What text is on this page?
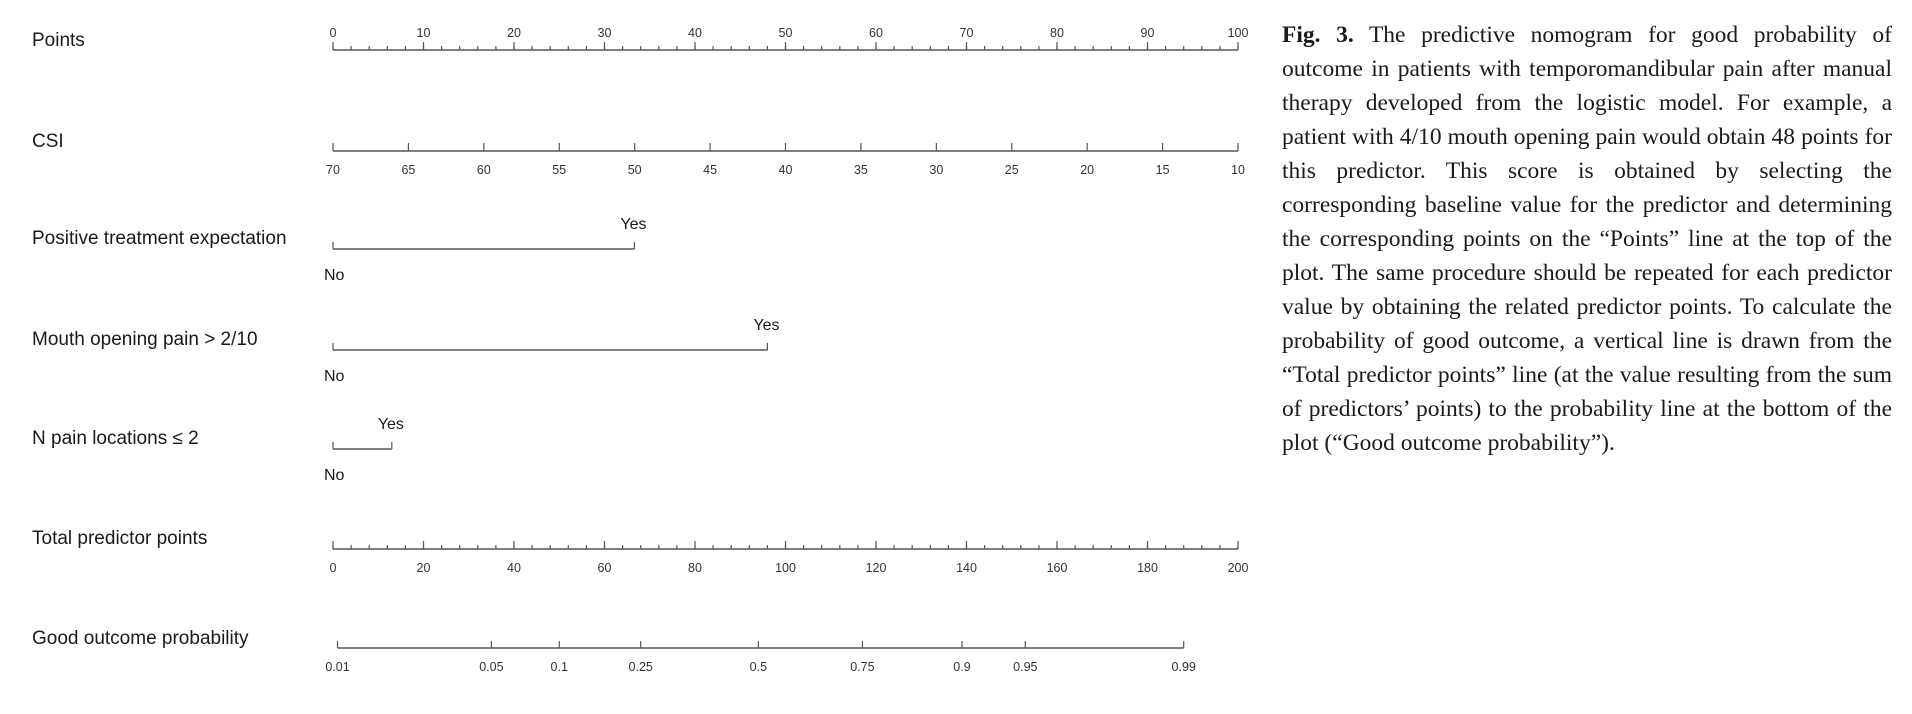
Points	0	10	20	30	40	50	60	70	80	90	100
CSI
70	65	60	55	50	45	40	35	30	25	20	15	10
Positive treatment expectation
No
Yes
Mouth opening pain > 2/10
No
Yes
N pain locations ≤ 2
No
Yes
Total predictor points
0	20	40	60	80	100	120	140	160	180	200
Good outcome probability
0.01	0.05	0.1	0.25	0.5	0.75	0.9	0.95	0.99

Fig. 3. The predictive nomogram for good probability of outcome in patients with temporomandibular pain after manual therapy developed from the logistic model. For example, a patient with 4/10 mouth opening pain would obtain 48 points for this predictor. This score is obtained by selecting the corresponding baseline value for the predictor and determining the corresponding points on the “Points” line at the top of the plot. The same procedure should be repeated for each predictor value by obtaining the related predictor points. To calculate the probability of good outcome, a vertical line is drawn from the “Total predictor points” line (at the value resulting from the sum of predictors’ points) to the probability line at the bottom of the plot (“Good outcome probability”).
